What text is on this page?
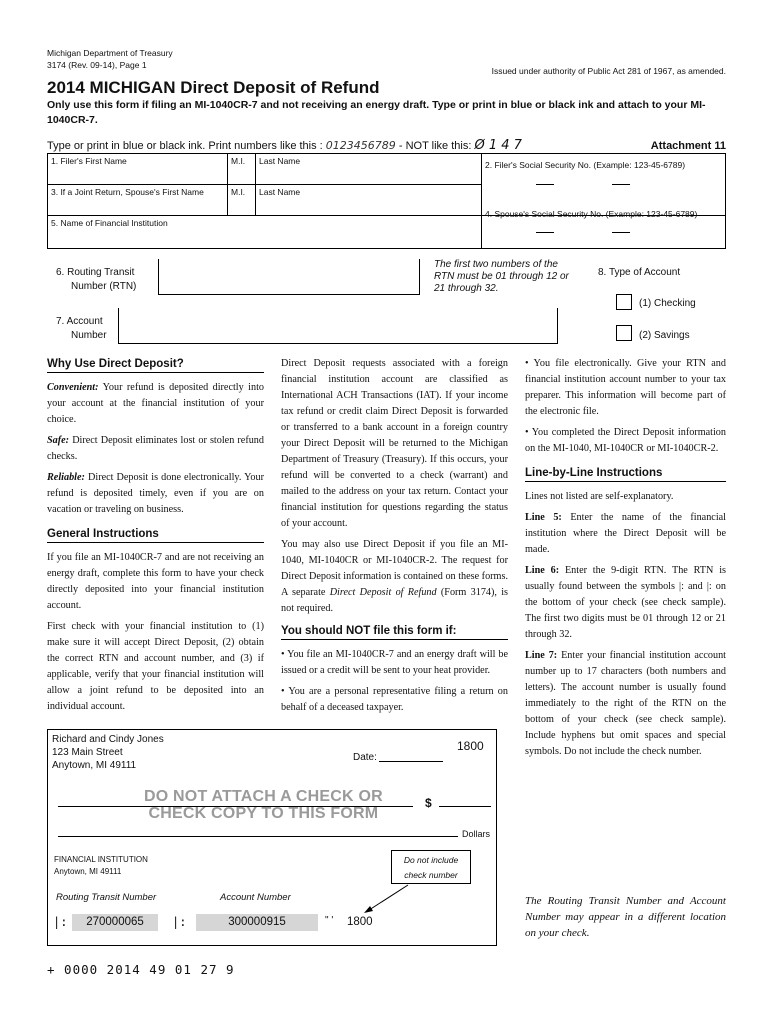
Michigan Department of Treasury
3174 (Rev. 09-14), Page 1
Issued under authority of Public Act 281 of 1967, as amended.
2014 MICHIGAN Direct Deposit of Refund
Only use this form if filing an MI-1040CR-7 and not receiving an energy draft. Type or print in blue or black ink and attach to your MI-1040CR-7.
Type or print in blue or black ink. Print numbers like this : 0123456789 - NOT like this: Ø 1 4 7	Attachment 11
1. Filer's First Name	M.I. Last Name	2. Filer's Social Security No. (Example: 123-45-6789)
3. If a Joint Return, Spouse's First Name	M.I. Last Name
5. Name of Financial Institution
4. Spouse's Social Security No. (Example: 123-45-6789)
6. Routing Transit
Number (RTN)
The first two numbers of the RTN must be 01 through 12 or 21 through 32.
7. Account
Number
8. Type of Account
(1) Checking
(2) Savings
Why Use Direct Deposit?

Convenient: Your refund is deposited directly into your account at the financial institution of your choice.

Safe: Direct Deposit eliminates lost or stolen refund checks.

Reliable: Direct Deposit is done electronically. Your refund is deposited timely, even if you are on vacation or traveling on business.

General Instructions

If you file an MI-1040CR-7 and are not receiving an energy draft, complete this form to have your check directly deposited into your financial institution account.

First check with your financial institution to (1) make sure it will accept Direct Deposit, (2) obtain the correct RTN and account number, and (3) if applicable, verify that your financial institution will allow a joint refund to be deposited into an individual account.

Direct Deposit requests associated with a foreign financial institution account are classified as International ACH Transactions (IAT). If your income tax refund or credit claim Direct Deposit is forwarded or transferred to a bank account in a foreign country your Direct Deposit will be returned to the Michigan Department of Treasury (Treasury). If this occurs, your refund will be converted to a check (warrant) and mailed to the address on your tax return. Contact your financial institution for questions regarding the status of your account.

You may also use Direct Deposit if you file an MI-1040, MI-1040CR or MI-1040CR-2. The request for Direct Deposit information is contained on these forms. A separate Direct Deposit of Refund (Form 3174), is not required.

You should NOT file this form if:

• You file an MI-1040CR-7 and an energy draft will be issued or a credit will be sent to your heat provider.

• You are a personal representative filing a return on behalf of a deceased taxpayer.

• You file electronically. Give your RTN and financial institution account number to your tax preparer. This information will become part of the electronic file.

• You completed the Direct Deposit information on the MI-1040, MI-1040CR or MI-1040CR-2.

Line-by-Line Instructions

Lines not listed are self-explanatory.

Line 5: Enter the name of the financial institution where the Direct Deposit will be made.

Line 6: Enter the 9-digit RTN. The RTN is usually found between the symbols |: and |: on the bottom of your check (see check sample). The first two digits must be 01 through 12 or 21 through 32.

Line 7: Enter your financial institution account number up to 17 characters (both numbers and letters). The account number is usually found immediately to the right of the RTN on the bottom of your check (see check sample). Include hyphens but omit spaces and special symbols. Do not include the check number.

The Routing Transit Number and Account Number may appear in a different location on your check.
Richard and Cindy Jones
123 Main Street
Anytown, MI 49111
1800
Date:
DO NOT ATTACH A CHECK OR
CHECK COPY TO THIS FORM
$
Dollars
FINANCIAL INSTITUTION
Anytown, MI 49111
Do not include
check number
Routing Transit Number	Account Number
|:	270000065	|:	300000915	" ' 1800
+ 0000 2014 49 01 27 9
